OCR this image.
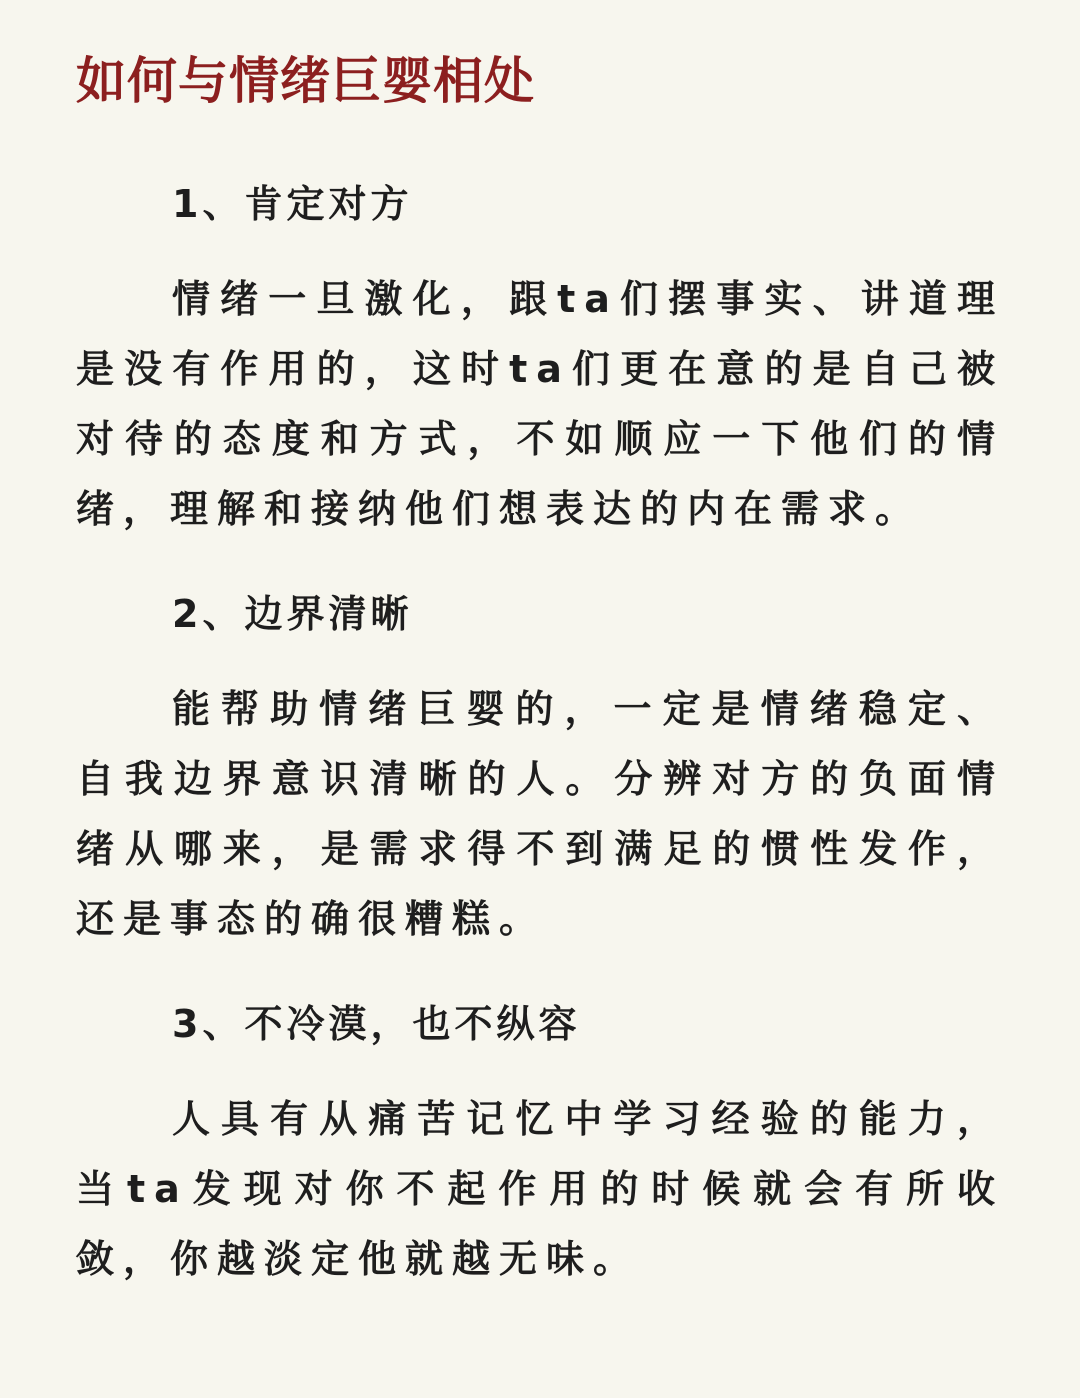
如何与情绪巨婴相处
1、肯定对方

情绪一旦激化，跟ta们摆事实、讲道理是没有作用的，这时ta们更在意的是自己被对待的态度和方式，不如顺应一下他们的情绪，理解和接纳他们想表达的内在需求。

2、边界清晰

能帮助情绪巨婴的，一定是情绪稳定、自我边界意识清晰的人。分辨对方的负面情绪从哪来，是需求得不到满足的惯性发作，还是事态的确很糟糕。

3、不冷漠，也不纵容

人具有从痛苦记忆中学习经验的能力，当ta发现对你不起作用的时候就会有所收敛，你越淡定他就越无味。
